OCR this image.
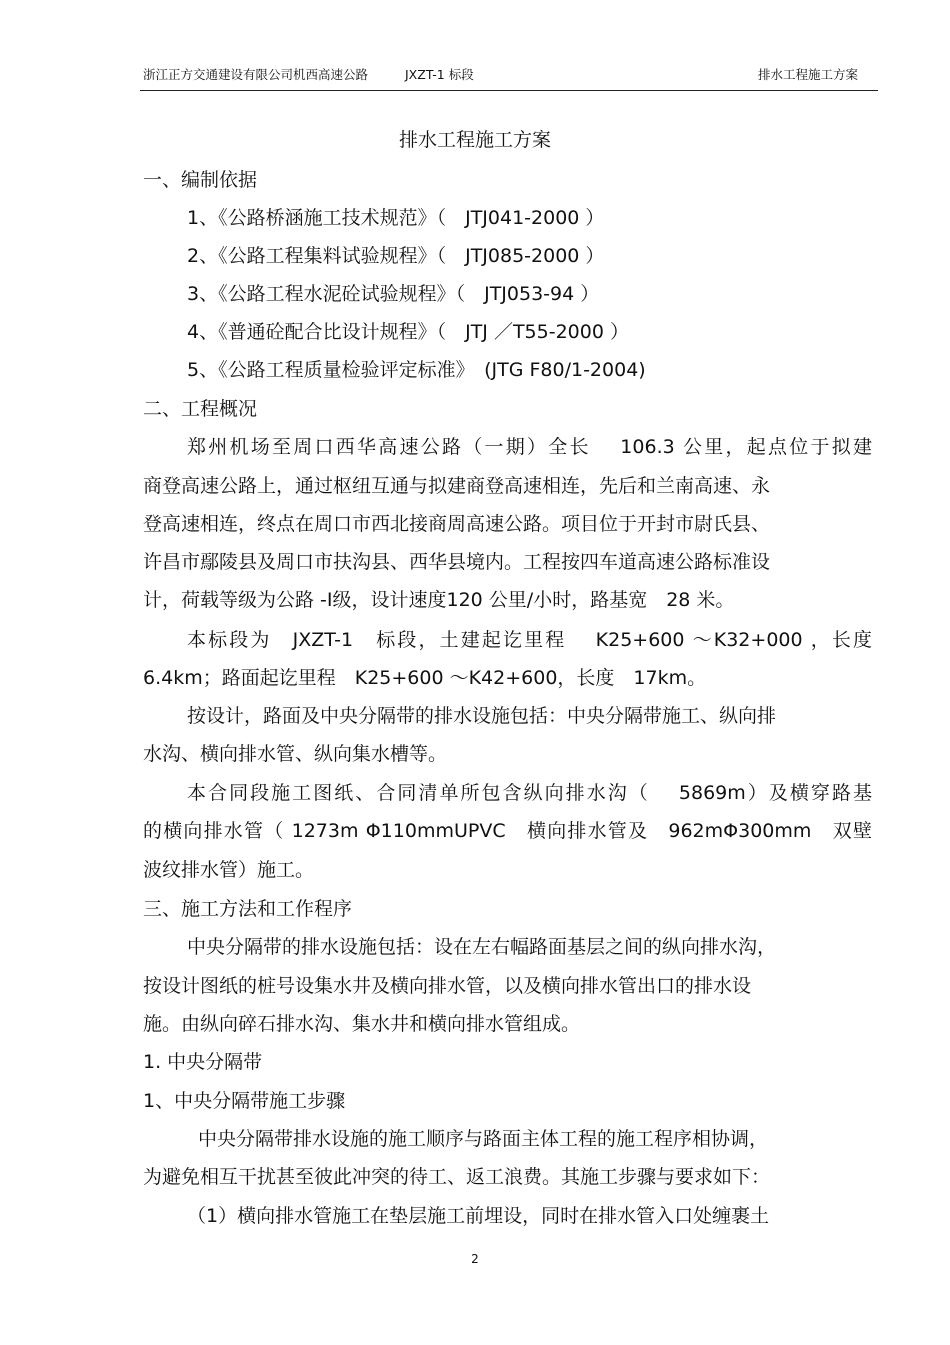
浙江正方交通建设有限公司机西高速公路	JXZT-1 标段	排水工程施工方案
排水工程施工方案
一、编制依据
1、《公路桥涵施工技术规范》（　JTJ041-2000 ）
2、《公路工程集料试验规程》（　JTJ085-2000 ）
3、《公路工程水泥砼试验规程》（　JTJ053-94 ）
4、《普通砼配合比设计规程》（　JTJ ／T55-2000 ）
5、《公路工程质量检验评定标准》　(JTG F80/1-2004)
二、工程概况
郑州机场至周口西华高速公路（一期）全长　 106.3 公里，起点位于拟建
商登高速公路上，通过枢纽互通与拟建商登高速相连，先后和兰南高速、永
登高速相连，终点在周口市西北接商周高速公路。项目位于开封市尉氏县、
许昌市鄢陵县及周口市扶沟县、西华县境内。工程按四车道高速公路标准设
计，荷载等级为公路 -Ⅰ级，设计速度120 公里/小时，路基宽　28 米。
本标段为　JXZT-1　标段，土建起讫里程　 K25+600 ～K32+000 ，长度
6.4km；路面起讫里程　K25+600 ～K42+600，长度　17km。
按设计，路面及中央分隔带的排水设施包括：中央分隔带施工、纵向排
水沟、横向排水管、纵向集水槽等。
本合同段施工图纸、合同清单所包含纵向排水沟（　 5869m）及横穿路基
的横向排水管（ 1273m Φ110mmUPVC　横向排水管及　962mΦ300mm　双壁
波纹排水管）施工。
三、施工方法和工作程序
中央分隔带的排水设施包括：设在左右幅路面基层之间的纵向排水沟，
按设计图纸的桩号设集水井及横向排水管，以及横向排水管出口的排水设
施。由纵向碎石排水沟、集水井和横向排水管组成。
1. 中央分隔带
1、中央分隔带施工步骤
中央分隔带排水设施的施工顺序与路面主体工程的施工程序相协调，
为避免相互干扰甚至彼此冲突的待工、返工浪费。其施工步骤与要求如下：
（1）横向排水管施工在垫层施工前埋设，同时在排水管入口处缠裹土
2
